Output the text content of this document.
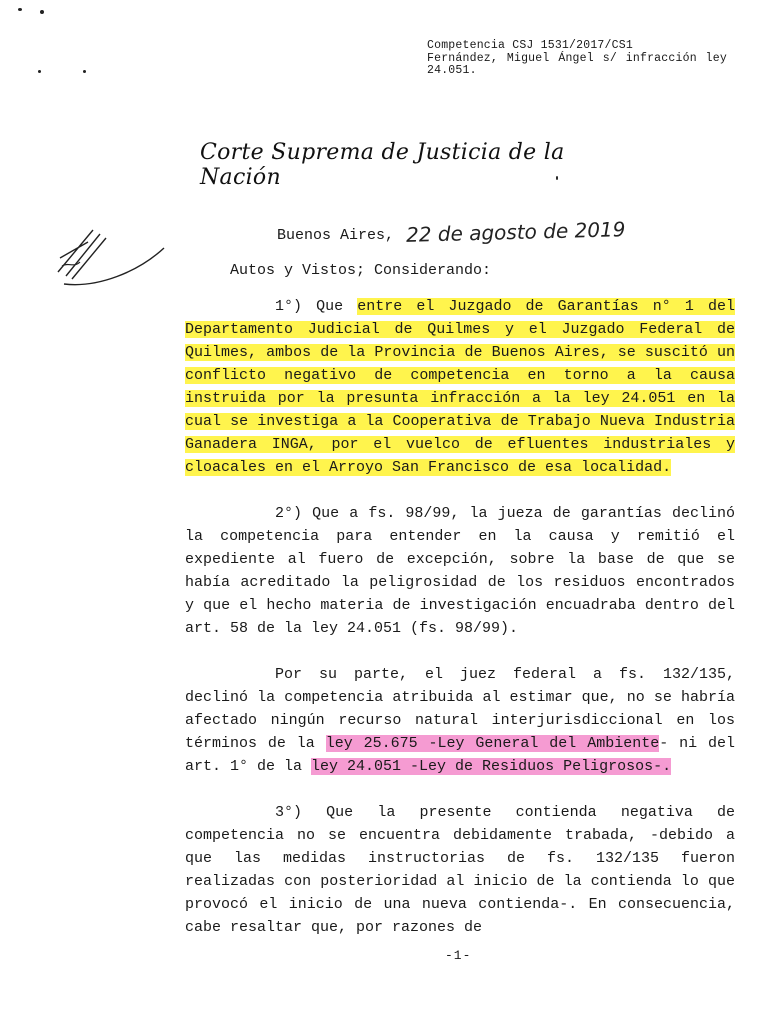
Competencia CSJ 1531/2017/CS1
Fernández, Miguel Ángel s/ infracción ley
24.051.
Corte Suprema de Justicia de la Nación
Buenos Aires, 22 de agosto de 2019
Autos y Vistos; Considerando:

1°) Que entre el Juzgado de Garantías n° 1 del Departamento Judicial de Quilmes y el Juzgado Federal de Quilmes, ambos de la Provincia de Buenos Aires, se suscitó un conflicto negativo de competencia en torno a la causa instruida por la presunta infracción a la ley 24.051 en la cual se investiga a la Cooperativa de Trabajo Nueva Industria Ganadera INGA, por el vuelco de efluentes industriales y cloacales en el Arroyo San Francisco de esa localidad.

2°) Que a fs. 98/99, la jueza de garantías declinó la competencia para entender en la causa y remitió el expediente al fuero de excepción, sobre la base de que se había acreditado la peligrosidad de los residuos encontrados y que el hecho materia de investigación encuadraba dentro del art. 58 de la ley 24.051 (fs. 98/99).

Por su parte, el juez federal a fs. 132/135, declinó la competencia atribuida al estimar que, no se habría afectado ningún recurso natural interjurisdiccional en los términos de la ley 25.675 -Ley General del Ambiente- ni del art. 1° de la ley 24.051 -Ley de Residuos Peligrosos-.

3°) Que la presente contienda negativa de competencia no se encuentra debidamente trabada, -debido a que las medidas instructorias de fs. 132/135 fueron realizadas con posterioridad al inicio de la contienda lo que provocó el inicio de una nueva contienda-. En consecuencia, cabe resaltar que, por razones de

-1-
